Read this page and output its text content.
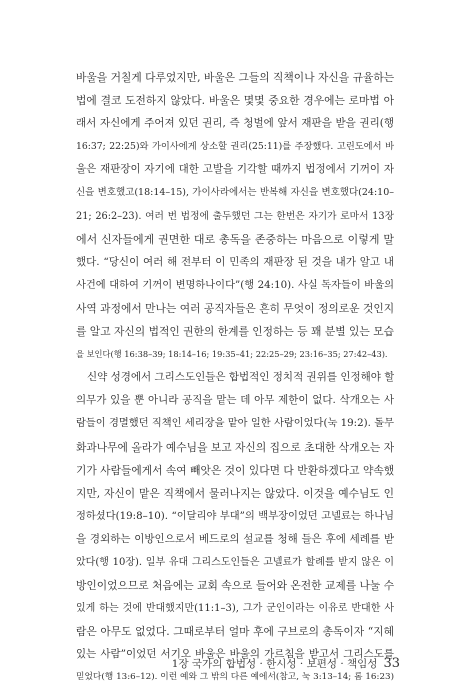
바울을 거칠게 다루었지만, 바울은 그들의 직책이나 자신을 규율하는
법에 결코 도전하지 않았다. 바울은 몇몇 중요한 경우에는 로마법 아
래서 자신에게 주어져 있던 권리, 즉 청벌에 앞서 재판을 받을 권리(행
16:37; 22:25)와 가이사에게 상소할 권리(25:11)를 주장했다. 고린도에서 바
울은 재판장이 자기에 대한 고발을 기각할 때까지 법정에서 기꺼이 자
신을 변호했고(18:14–15), 가이사라에서는 반복해 자신을 변호했다(24:10–
21; 26:2–23). 여러 번 법정에 출두했던 그는 한번은 자기가 로마서 13장
에서 신자들에게 권면한 대로 총독을 존중하는 마음으로 이렇게 말
했다. “당신이 여러 해 전부터 이 민족의 재판장 된 것을 내가 알고 내
사건에 대하여 기꺼이 변명하나이다”(행 24:10). 사실 독자들이 바울의
사역 과정에서 만나는 여러 공직자들은 흔히 무엇이 정의로운 것인지
를 알고 자신의 법적인 권한의 한계를 인정하는 등 꽤 분별 있는 모습
을 보인다(행 16:38–39; 18:14–16; 19:35–41; 22:25–29; 23:16–35; 27:42–43).
신약 성경에서 그리스도인들은 합법적인 정치적 권위를 인정해야 할
의무가 있을 뿐 아니라 공직을 맡는 데 아무 제한이 없다. 삭개오는 사
람들이 경멸했던 직책인 세리장을 맡아 일한 사람이었다(눅 19:2). 돌무
화과나무에 올라가 예수님을 보고 자신의 집으로 초대한 삭개오는 자
기가 사람들에게서 속여 빼앗은 것이 있다면 다 반환하겠다고 약속했
지만, 자신이 맡은 직책에서 물러나지는 않았다. 이것을 예수님도 인
정하셨다(19:8–10). “이달리야 부대”의 백부장이었던 고넬료는 하나님
을 경외하는 이방인으로서 베드로의 설교를 청해 들은 후에 세례를 받
았다(행 10장). 일부 유대 그리스도인들은 고넬료가 할례를 받지 않은 이
방인이었으므로 처음에는 교회 속으로 들어와 온전한 교제를 나눌 수
있게 하는 것에 반대했지만(11:1–3), 그가 군인이라는 이유로 반대한 사
람은 아무도 없었다. 그때로부터 얼마 후에 구브로의 총독이자 “지혜
있는 사람”이었던 서기오 바울은 바울의 가르침을 받고서 그리스도를
믿었다(행 13:6–12). 이런 예와 그 밖의 다른 예에서(참고, 눅 3:13–14; 롬 16:23)
1장 국가의 합법성 · 한시성 · 보편성 · 책임성 33
